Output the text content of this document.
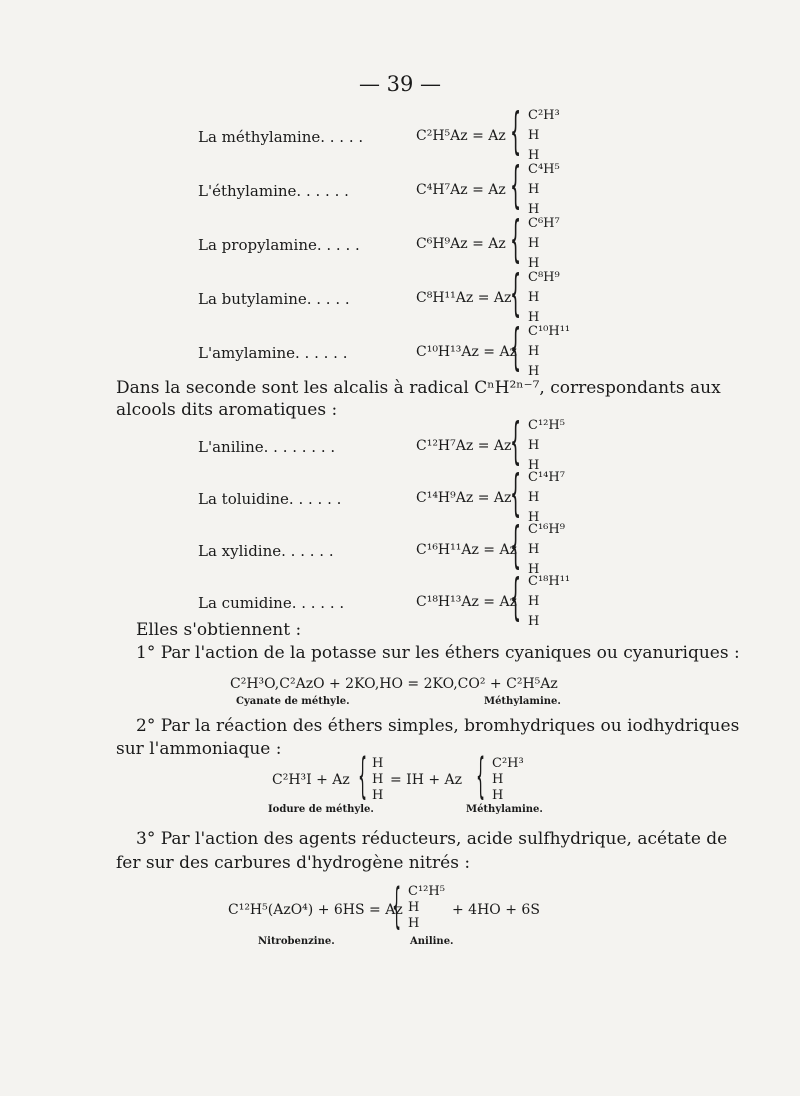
— 39 —
La méthylamine. . . . .	C²H⁵Az = Az { C²H³
H
H
L'éthylamine. . . . . .	C⁴H⁷Az = Az { C⁴H⁵
H
H
La propylamine. . . . .	C⁶H⁹Az = Az { C⁶H⁷
H
H
La butylamine. . . . .	C⁸H¹¹Az = Az
{ C⁸H⁹
H
H
L'amylamine. . . . . .	C¹⁰H¹³Az = Az
{ C¹⁰H¹¹
H
H
Dans la seconde sont les alcalis à radical CⁿH²ⁿ⁻⁷, correspondants aux
alcools dits aromatiques :
L'aniline. . . . . . . .	C¹²H⁷Az = Az
{ C¹²H⁵
H
H
La toluidine. . . . . .	C¹⁴H⁹Az = Az
{ C¹⁴H⁷
H
H
La xylidine. . . . . .	C¹⁶H¹¹Az = Az
{ C¹⁶H⁹
H
H
La cumidine. . . . . .	C¹⁸H¹³Az = Az
{ C¹⁸H¹¹
H
H
Elles s'obtiennent :
1° Par l'action de la potasse sur les éthers cyaniques ou cyanuriques :
C²H³O,C²AzO + 2KO,HO = 2KO,CO² + C²H⁵Az
Cyanate de méthyle.	Méthylamine.
2° Par la réaction des éthers simples, bromhydriques ou iodhydriques
sur l'ammoniaque :
C²H³I + Az { H
H
H
= IH + Az { C²H³
H
H
Iodure de méthyle.	Méthylamine.
3° Par l'action des agents réducteurs, acide sulfhydrique, acétate de
fer sur des carbures d'hydrogène nitrés :
C¹²H⁵(AzO⁴) + 6HS = Az
{ C¹²H⁵
H
H
+ 4HO + 6S
Nitrobenzine.	Aniline.
